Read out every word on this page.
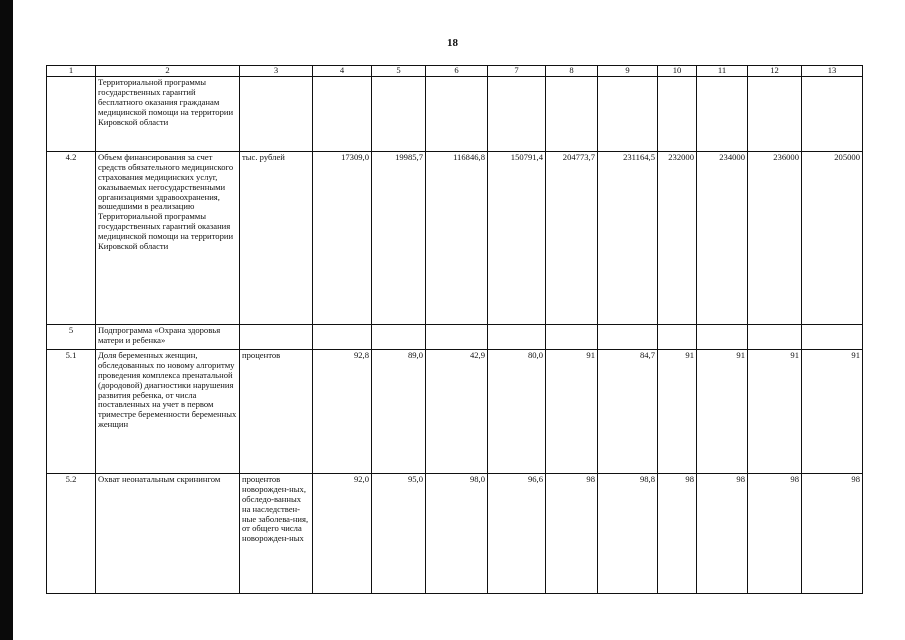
18
1	2	3	4	5	6	7	8	9	10	11	12	13
	Территориальной программы государственных гарантий бесплатного оказания гражданам медицинской помощи на территории Кировской области											
4.2	Объем финансирования за счет средств обязательного медицинского страхования медицинских услуг, оказываемых негосударственными организациями здравоохранения, вошедшими в реализацию Территориальной программы государственных гарантий оказания медицинской помощи на территории Кировской области	тыс. рублей	17309,0	19985,7	116846,8	150791,4	204773,7	231164,5	232000	234000	236000	205000
5	Подпрограмма «Охрана здоровья матери и ребенка»											
5.1	Доля беременных женщин, обследованных по новому алгоритму проведения комплекса пренатальной (дородовой) диагностики нарушения развития ребенка, от числа поставленных на учет в первом триместре беременности беременных женщин	процентов	92,8	89,0	42,9	80,0	91	84,7	91	91	91	91
5.2	Охват неонатальным скринингом	процентов новорожден-ных, обследо-ванных на наследствен-ные заболева-ния, от общего числа новорожден-ных	92,0	95,0	98,0	96,6	98	98,8	98	98	98	98
